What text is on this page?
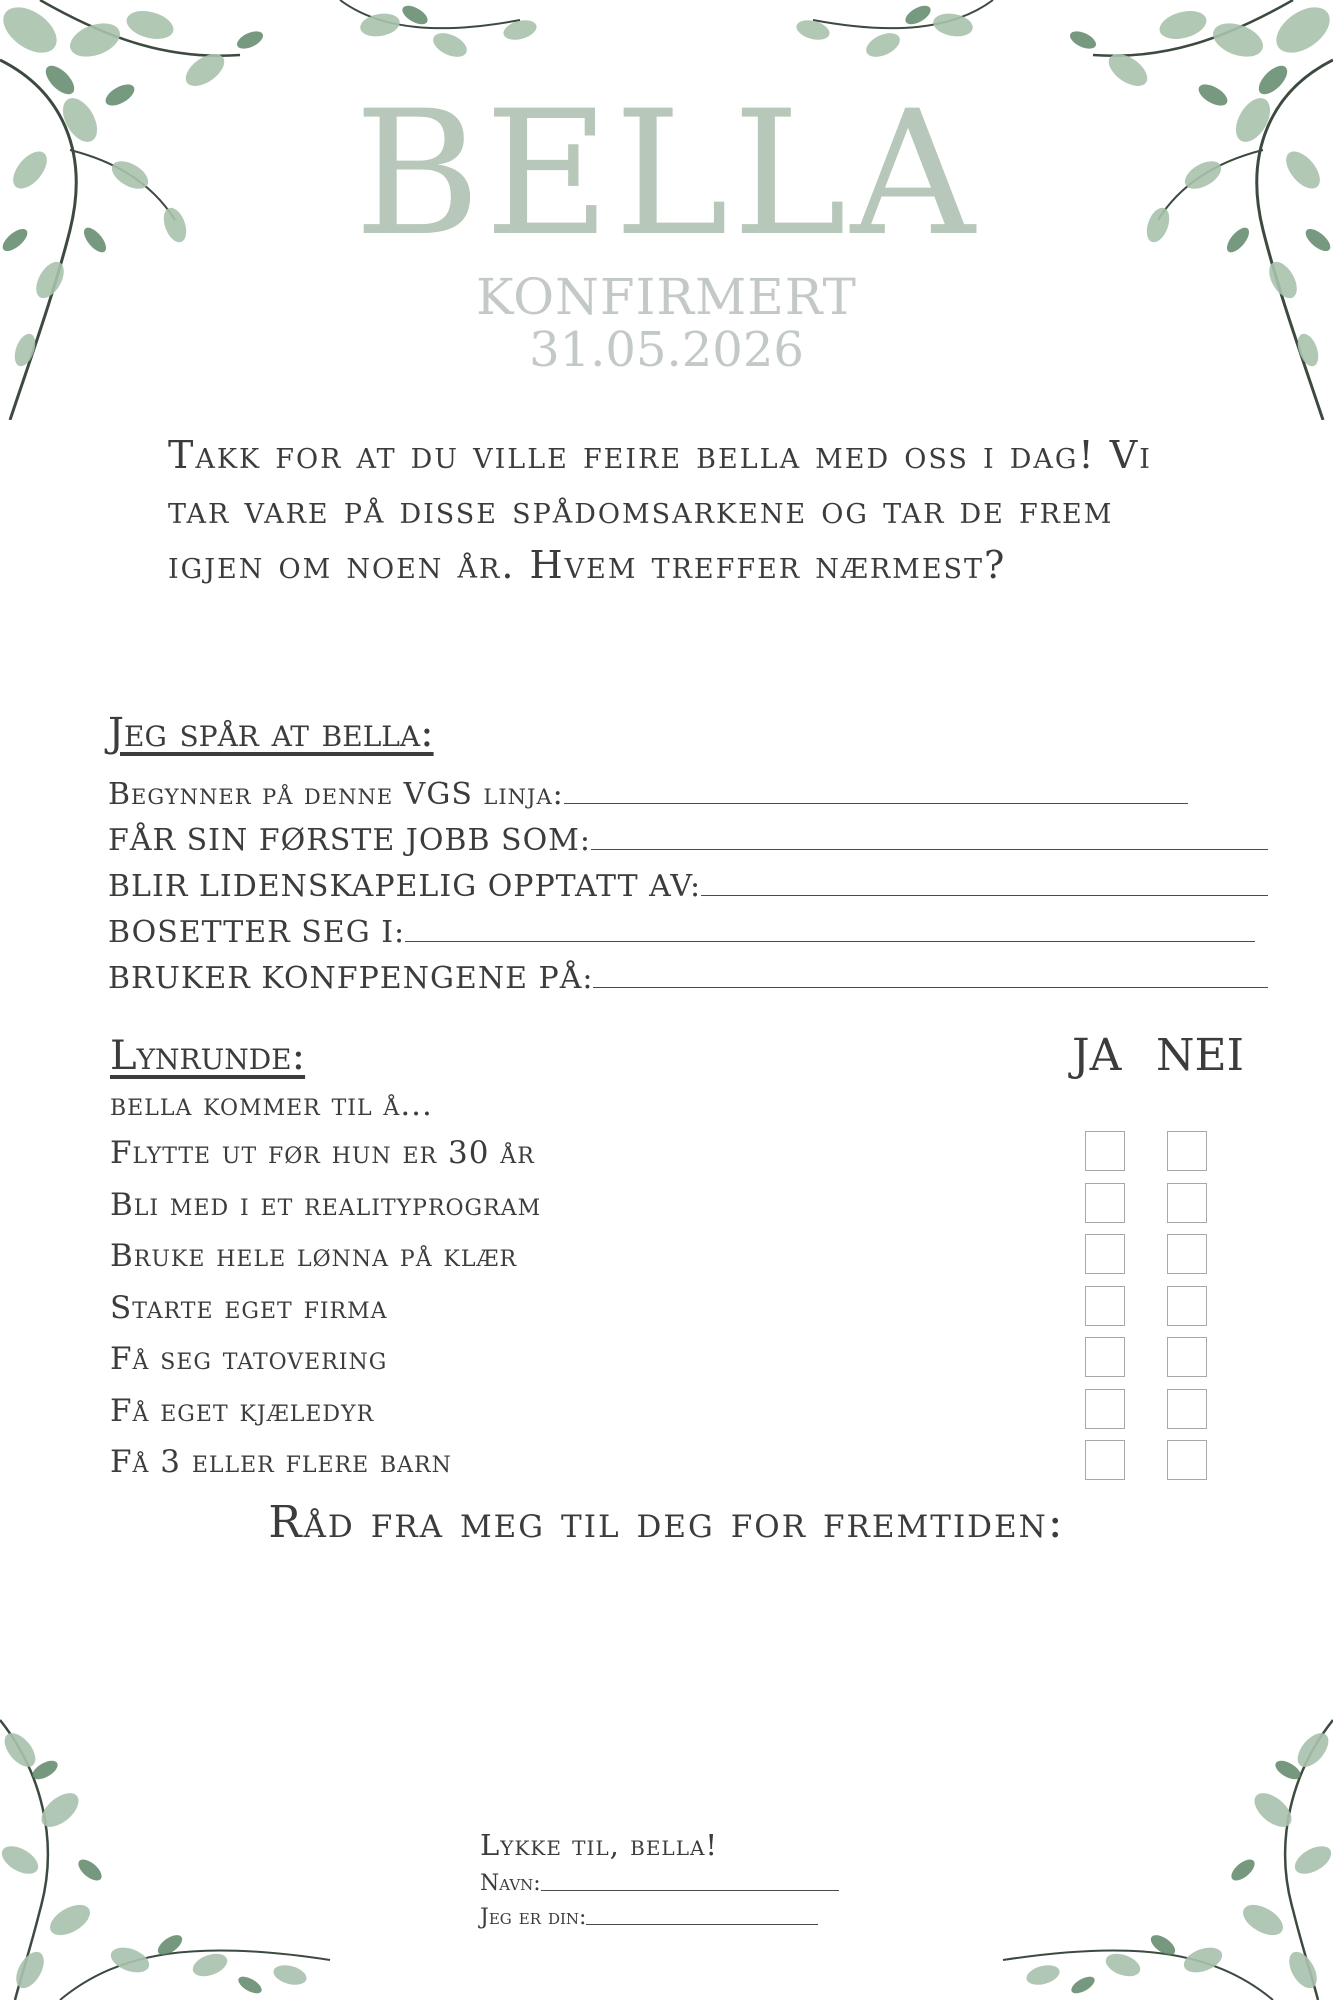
BELLA
KONFIRMERT
31.05.2026

Takk for at du ville feire bella med oss i dag! Vi tar vare på disse spådomsarkene og tar de frem igjen om noen år. Hvem treffer nærmest?

Jeg spår at bella:
Begynner på denne VGS linja:
FÅR SIN FØRSTE JOBB SOM:
BLIR LIDENSKAPELIG OPPTATT AV:
BOSETTER SEG I:
BRUKER KONFPENGENE PÅ:
Lynrunde:	JA NEI
bella kommer til å...
Flytte ut før hun er 30 år
Bli med i et realityprogram
Bruke hele lønna på klær
Starte eget firma
Få seg tatovering
Få eget kjæledyr
Få 3 eller flere barn
Råd fra meg til deg for fremtiden:
Lykke til, bella!
Navn:
Jeg er din:
